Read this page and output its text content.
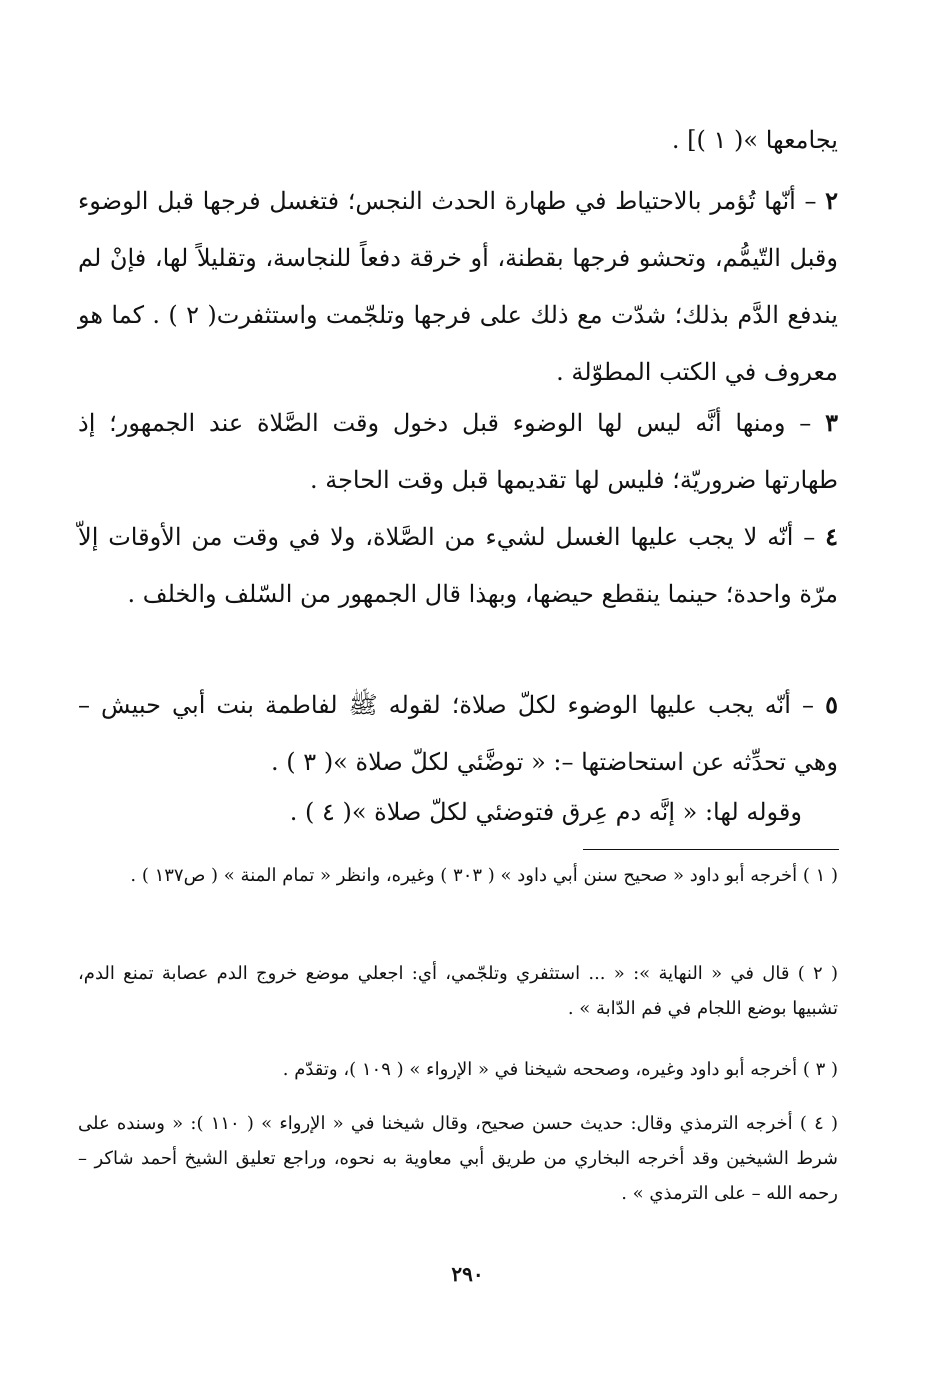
يجامعها »( ١ )] .
٢ – أنّها تُؤمر بالاحتياط في طهارة الحدث النجس؛ فتغسل فرجها قبل الوضوء وقبل التّيمُّم، وتحشو فرجها بقطنة، أو خرقة دفعاً للنجاسة، وتقليلاً لها، فإنْ لم يندفع الدَّم بذلك؛ شدّت مع ذلك على فرجها وتلجّمت واستثفرت( ٢ ) . كما هو معروف في الكتب المطوّلة .
٣ – ومنها أنَّه ليس لها الوضوء قبل دخول وقت الصَّلاة عند الجمهور؛ إذ طهارتها ضروريّة؛ فليس لها تقديمها قبل وقت الحاجة .
٤ – أنّه لا يجب عليها الغسل لشيء من الصَّلاة، ولا في وقت من الأوقات إلاّ مرّة واحدة؛ حينما ينقطع حيضها، وبهذا قال الجمهور من السّلف والخلف .
٥ – أنّه يجب عليها الوضوء لكلّ صلاة؛ لقوله ﷺ لفاطمة بنت أبي حبيش – وهي تحدِّثه عن استحاضتها –: « توضَّئي لكلّ صلاة »( ٣ ) .
وقوله لها: « إنَّه دم عِرق فتوضئي لكلّ صلاة »( ٤ ) .
( ١ ) أخرجه أبو داود « صحيح سنن أبي داود » ( ٣٠٣ ) وغيره، وانظر « تمام المنة » ( ص١٣٧ ) .
( ٢ ) قال في « النهاية »: « ... استثفري وتلجّمي، أي: اجعلي موضع خروج الدم عصابة تمنع الدم، تشبيها بوضع اللجام في فم الدّابة » .
( ٣ ) أخرجه أبو داود وغيره، وصححه شيخنا في « الإرواء » ( ١٠٩ )، وتقدّم .
( ٤ ) أخرجه الترمذي وقال: حديث حسن صحيح، وقال شيخنا في « الإرواء » ( ١١٠ ): « وسنده على شرط الشيخين وقد أخرجه البخاري من طريق أبي معاوية به نحوه، وراجع تعليق الشيخ أحمد شاكر – رحمه الله – على الترمذي » .
٢٩٠
